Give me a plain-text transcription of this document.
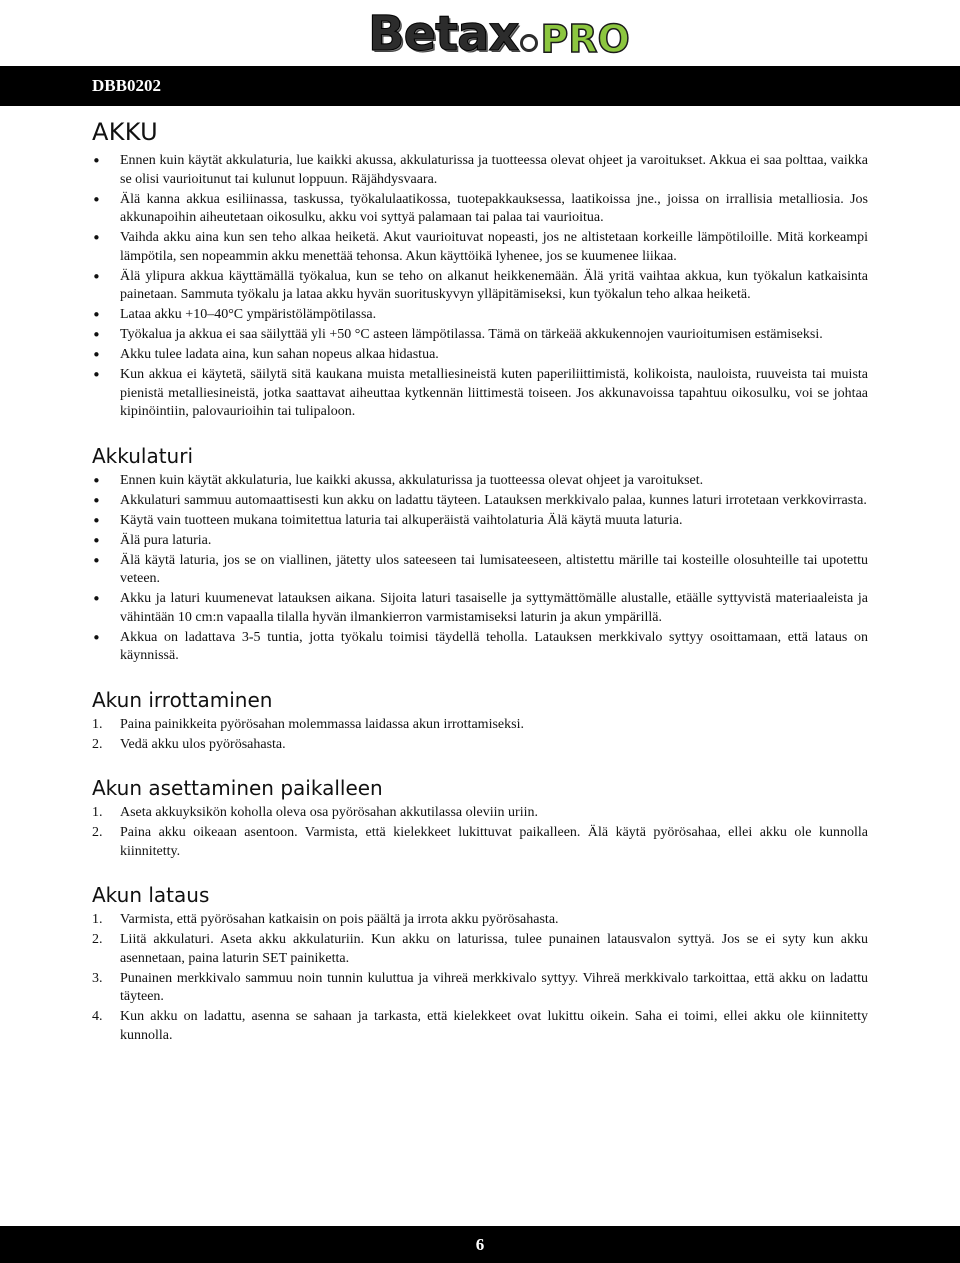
Betax PRO
DBB0202
AKKU
• Ennen kuin käytät akkulaturia, lue kaikki akussa, akkulaturissa ja tuotteessa olevat ohjeet ja varoitukset. Akkua ei saa polttaa, vaikka se olisi vaurioitunut tai kulunut loppuun. Räjähdysvaara.
• Älä kanna akkua esiliinassa, taskussa, työkalulaatikossa, tuotepakkauksessa, laatikoissa jne., joissa on irrallisia metalliosia. Jos akkunapoihin aiheutetaan oikosulku, akku voi syttyä palamaan tai palaa tai vaurioitua.
• Vaihda akku aina kun sen teho alkaa heiketä. Akut vaurioituvat nopeasti, jos ne altistetaan korkeille lämpötiloille. Mitä korkeampi lämpötila, sen nopeammin akku menettää tehonsa. Akun käyttöikä lyhenee, jos se kuumenee liikaa.
• Älä ylipura akkua käyttämällä työkalua, kun se teho on alkanut heikkenemään. Älä yritä vaihtaa akkua, kun työkalun katkaisinta painetaan. Sammuta työkalu ja lataa akku hyvän suorituskyvyn ylläpitämiseksi, kun työkalun teho alkaa heiketä.
• Lataa akku +10–40°C ympäristölämpötilassa.
• Työkalua ja akkua ei saa säilyttää yli +50 °C asteen lämpötilassa. Tämä on tärkeää akkukennojen vaurioitumisen estämiseksi.
• Akku tulee ladata aina, kun sahan nopeus alkaa hidastua.
• Kun akkua ei käytetä, säilytä sitä kaukana muista metalliesineistä kuten paperiliittimistä, kolikoista, nauloista, ruuveista tai muista pienistä metalliesineistä, jotka saattavat aiheuttaa kytkennän liittimestä toiseen. Jos akkunavoissa tapahtuu oikosulku, voi se johtaa kipinöintiin, palovaurioihin tai tulipaloon.
Akkulaturi
• Ennen kuin käytät akkulaturia, lue kaikki akussa, akkulaturissa ja tuotteessa olevat ohjeet ja varoitukset.
• Akkulaturi sammuu automaattisesti kun akku on ladattu täyteen. Latauksen merkkivalo palaa, kunnes laturi irrotetaan verkkovirrasta.
• Käytä vain tuotteen mukana toimitettua laturia tai alkuperäistä vaihtolaturia Älä käytä muuta laturia.
• Älä pura laturia.
• Älä käytä laturia, jos se on viallinen, jätetty ulos sateeseen tai lumisateeseen, altistettu märille tai kosteille olosuhteille tai upotettu veteen.
• Akku ja laturi kuumenevat latauksen aikana. Sijoita laturi tasaiselle ja syttymättömälle alustalle, etäälle syttyvistä materiaaleista ja vähintään 10 cm:n vapaalla tilalla hyvän ilmankierron varmistamiseksi laturin ja akun ympärillä.
• Akkua on ladattava 3-5 tuntia, jotta työkalu toimisi täydellä teholla. Latauksen merkkivalo syttyy osoittamaan, että lataus on käynnissä.
Akun irrottaminen
1. Paina painikkeita pyörösahan molemmassa laidassa akun irrottamiseksi.
2. Vedä akku ulos pyörösahasta.
Akun asettaminen paikalleen
1. Aseta akkuyksikön koholla oleva osa pyörösahan akkutilassa oleviin uriin.
2. Paina akku oikeaan asentoon. Varmista, että kielekkeet lukittuvat paikalleen. Älä käytä pyörösahaa, ellei akku ole kunnolla kiinnitetty.
Akun lataus
1. Varmista, että pyörösahan katkaisin on pois päältä ja irrota akku pyörösahasta.
2. Liitä akkulaturi. Aseta akku akkulaturiin. Kun akku on laturissa, tulee punainen latausvalon syttyä. Jos se ei syty kun akku asennetaan, paina laturin SET painiketta.
3. Punainen merkkivalo sammuu noin tunnin kuluttua ja vihreä merkkivalo syttyy. Vihreä merkkivalo tarkoittaa, että akku on ladattu täyteen.
4. Kun akku on ladattu, asenna se sahaan ja tarkasta, että kielekkeet ovat lukittu oikein. Saha ei toimi, ellei akku ole kiinnitetty kunnolla.
6
